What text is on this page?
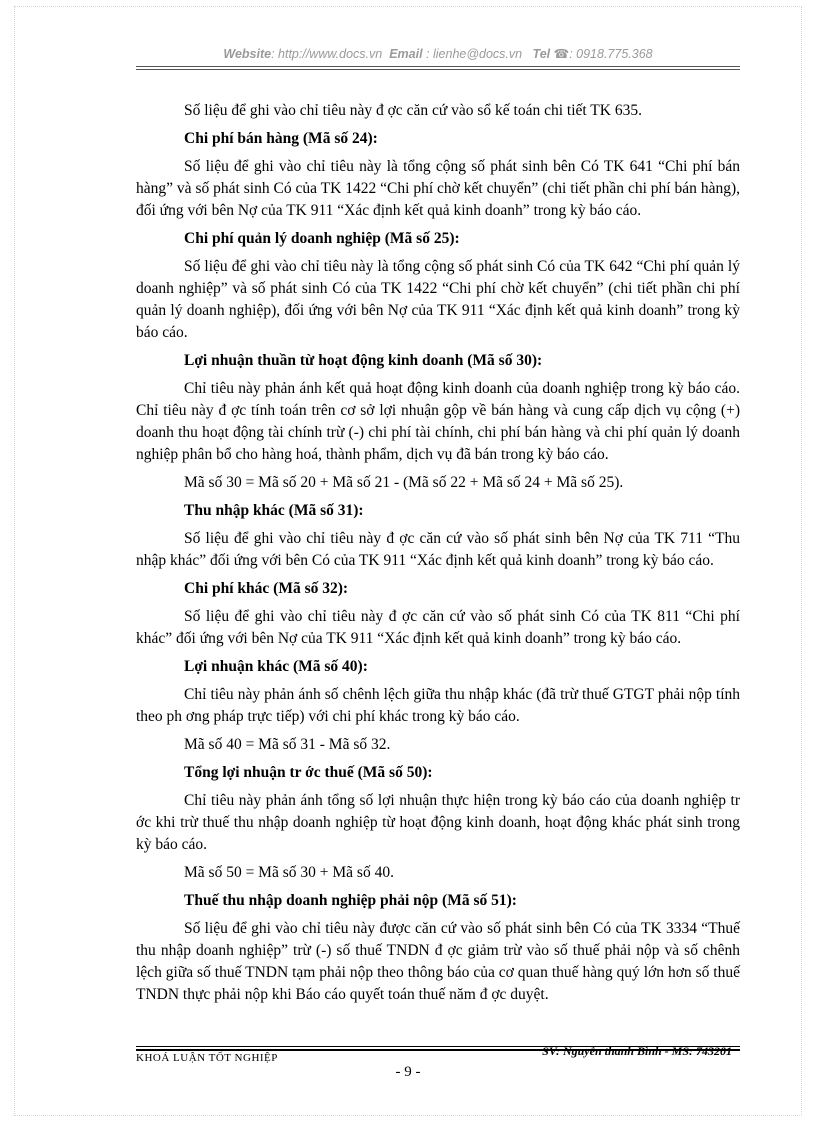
Website: http://www.docs.vn Email : lienhe@docs.vn Tel ☎: 0918.775.368

Số liệu để ghi vào chỉ tiêu này đ ợc căn cứ vào sổ kế toán chi tiết TK 635.

Chi phí bán hàng (Mã số 24):

Số liệu để ghi vào chỉ tiêu này là tổng cộng số phát sinh bên Có TK 641 “Chi phí bán hàng” và số phát sinh Có của TK 1422 “Chi phí chờ kết chuyển” (chi tiết phần chi phí bán hàng), đối ứng với bên Nợ của TK 911 “Xác định kết quả kinh doanh” trong kỳ báo cáo.

Chi phí quản lý doanh nghiệp (Mã số 25):

Số liệu để ghi vào chỉ tiêu này là tổng cộng số phát sinh Có của TK 642 “Chi phí quản lý doanh nghiệp” và số phát sinh Có của TK 1422 “Chi phí chờ kết chuyển” (chi tiết phần chi phí quản lý doanh nghiệp), đối ứng với bên Nợ của TK 911 “Xác định kết quả kinh doanh” trong kỳ báo cáo.

Lợi nhuận thuần từ hoạt động kinh doanh (Mã số 30):

Chỉ tiêu này phản ánh kết quả hoạt động kinh doanh của doanh nghiệp trong kỳ báo cáo. Chỉ tiêu này đ ợc tính toán trên cơ sở lợi nhuận gộp về bán hàng và cung cấp dịch vụ cộng (+) doanh thu hoạt động tài chính trừ (-) chi phí tài chính, chi phí bán hàng và chi phí quản lý doanh nghiệp phân bổ cho hàng hoá, thành phẩm, dịch vụ đã bán trong kỳ báo cáo.

Mã số 30 = Mã số 20 + Mã số 21 - (Mã số 22 + Mã số 24 + Mã số 25).

Thu nhập khác (Mã số 31):

Số liệu để ghi vào chỉ tiêu này đ ợc căn cứ vào số phát sinh bên Nợ của TK 711 “Thu nhập khác” đối ứng với bên Có của TK 911 “Xác định kết quả kinh doanh” trong kỳ báo cáo.

Chi phí khác (Mã số 32):

Số liệu để ghi vào chỉ tiêu này đ ợc căn cứ vào số phát sinh Có của TK 811 “Chi phí khác” đối ứng với bên Nợ của TK 911 “Xác định kết quả kinh doanh” trong kỳ báo cáo.

Lợi nhuận khác (Mã số 40):

Chỉ tiêu này phản ánh số chênh lệch giữa thu nhập khác (đã trừ thuế GTGT phải nộp tính theo ph ơng pháp trực tiếp) với chi phí khác trong kỳ báo cáo.

Mã số 40 = Mã số 31 - Mã số 32.

Tổng lợi nhuận tr ớc thuế (Mã số 50):

Chỉ tiêu này phản ánh tổng số lợi nhuận thực hiện trong kỳ báo cáo của doanh nghiệp tr ớc khi trừ thuế thu nhập doanh nghiệp từ hoạt động kinh doanh, hoạt động khác phát sinh trong kỳ báo cáo.

Mã số 50 = Mã số 30 + Mã số 40.

Thuế thu nhập doanh nghiệp phải nộp (Mã số 51):

Số liệu để ghi vào chỉ tiêu này được căn cứ vào số phát sinh bên Có của TK 3334 “Thuế thu nhập doanh nghiệp” trừ (-) số thuế TNDN đ ợc giảm trừ vào số thuế phải nộp và số chênh lệch giữa số thuế TNDN tạm phải nộp theo thông báo của cơ quan thuế hàng quý lớn hơn số thuế TNDN thực phải nộp khi Báo cáo quyết toán thuế năm đ ợc duyệt.

KHOÁ LUẬN TỐT NGHIỆP	SV: Nguyễn thanh Bình - MS: 743201
- 9 -
